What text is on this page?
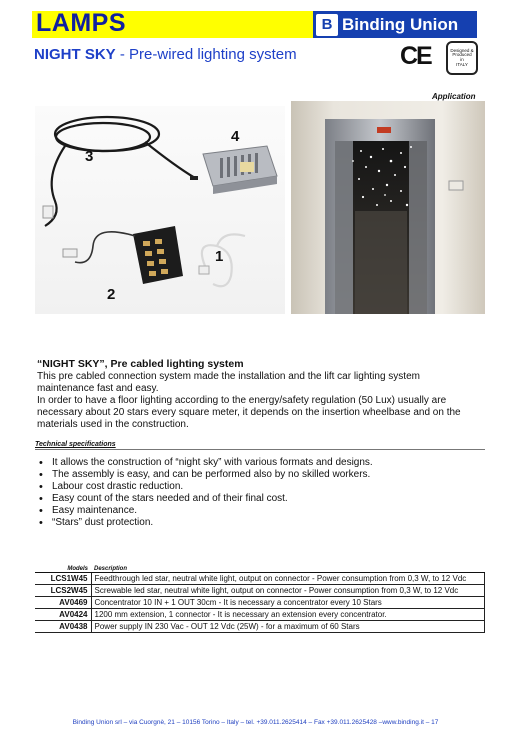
LAMPS	B Binding Union
NIGHT SKY - Pre-wired lighting system	CE	Designed &
Produced
in
ITALY
Application
3
4
1
2
“NIGHT SKY”, Pre cabled lighting system
This pre cabled connection system made the installation and the lift car lighting system
maintenance fast and easy.
In order to have a floor lighting according to the energy/safety regulation (50 Lux) usually are
necessary about 20 stars every square meter, it depends on the insertion wheelbase and on the
materials used in the construction.
Technical specifications
• It allows the construction of “night sky” with various formats and designs.
• The assembly is easy, and can be performed also by no skilled workers.
• Labour cost drastic reduction.
• Easy count of the stars needed and of their final cost.
• Easy maintenance.
• “Stars” dust protection.
Models	Description
LCS1W45	Feedthrough led star, neutral white light, output on connector - Power consumption from 0,3 W, to 12 Vdc
LCS2W45	Screwable led star, neutral white light, output on connector - Power consumption from 0,3 W, to 12 Vdc
AV0469	Concentrator 10 IN + 1 OUT 30cm - It is necessary a concentrator every 10 Stars
AV0424	1200 mm extension, 1 connector - It is necessary an extension every concentrator.
AV0438	Power supply IN 230 Vac - OUT 12 Vdc (25W) - for a maximum of 60 Stars
Binding Union srl – via Cuorgnè, 21 – 10156 Torino – Italy – tel. +39.011.2625414 – Fax +39.011.2625428 –www.binding.it – 17
